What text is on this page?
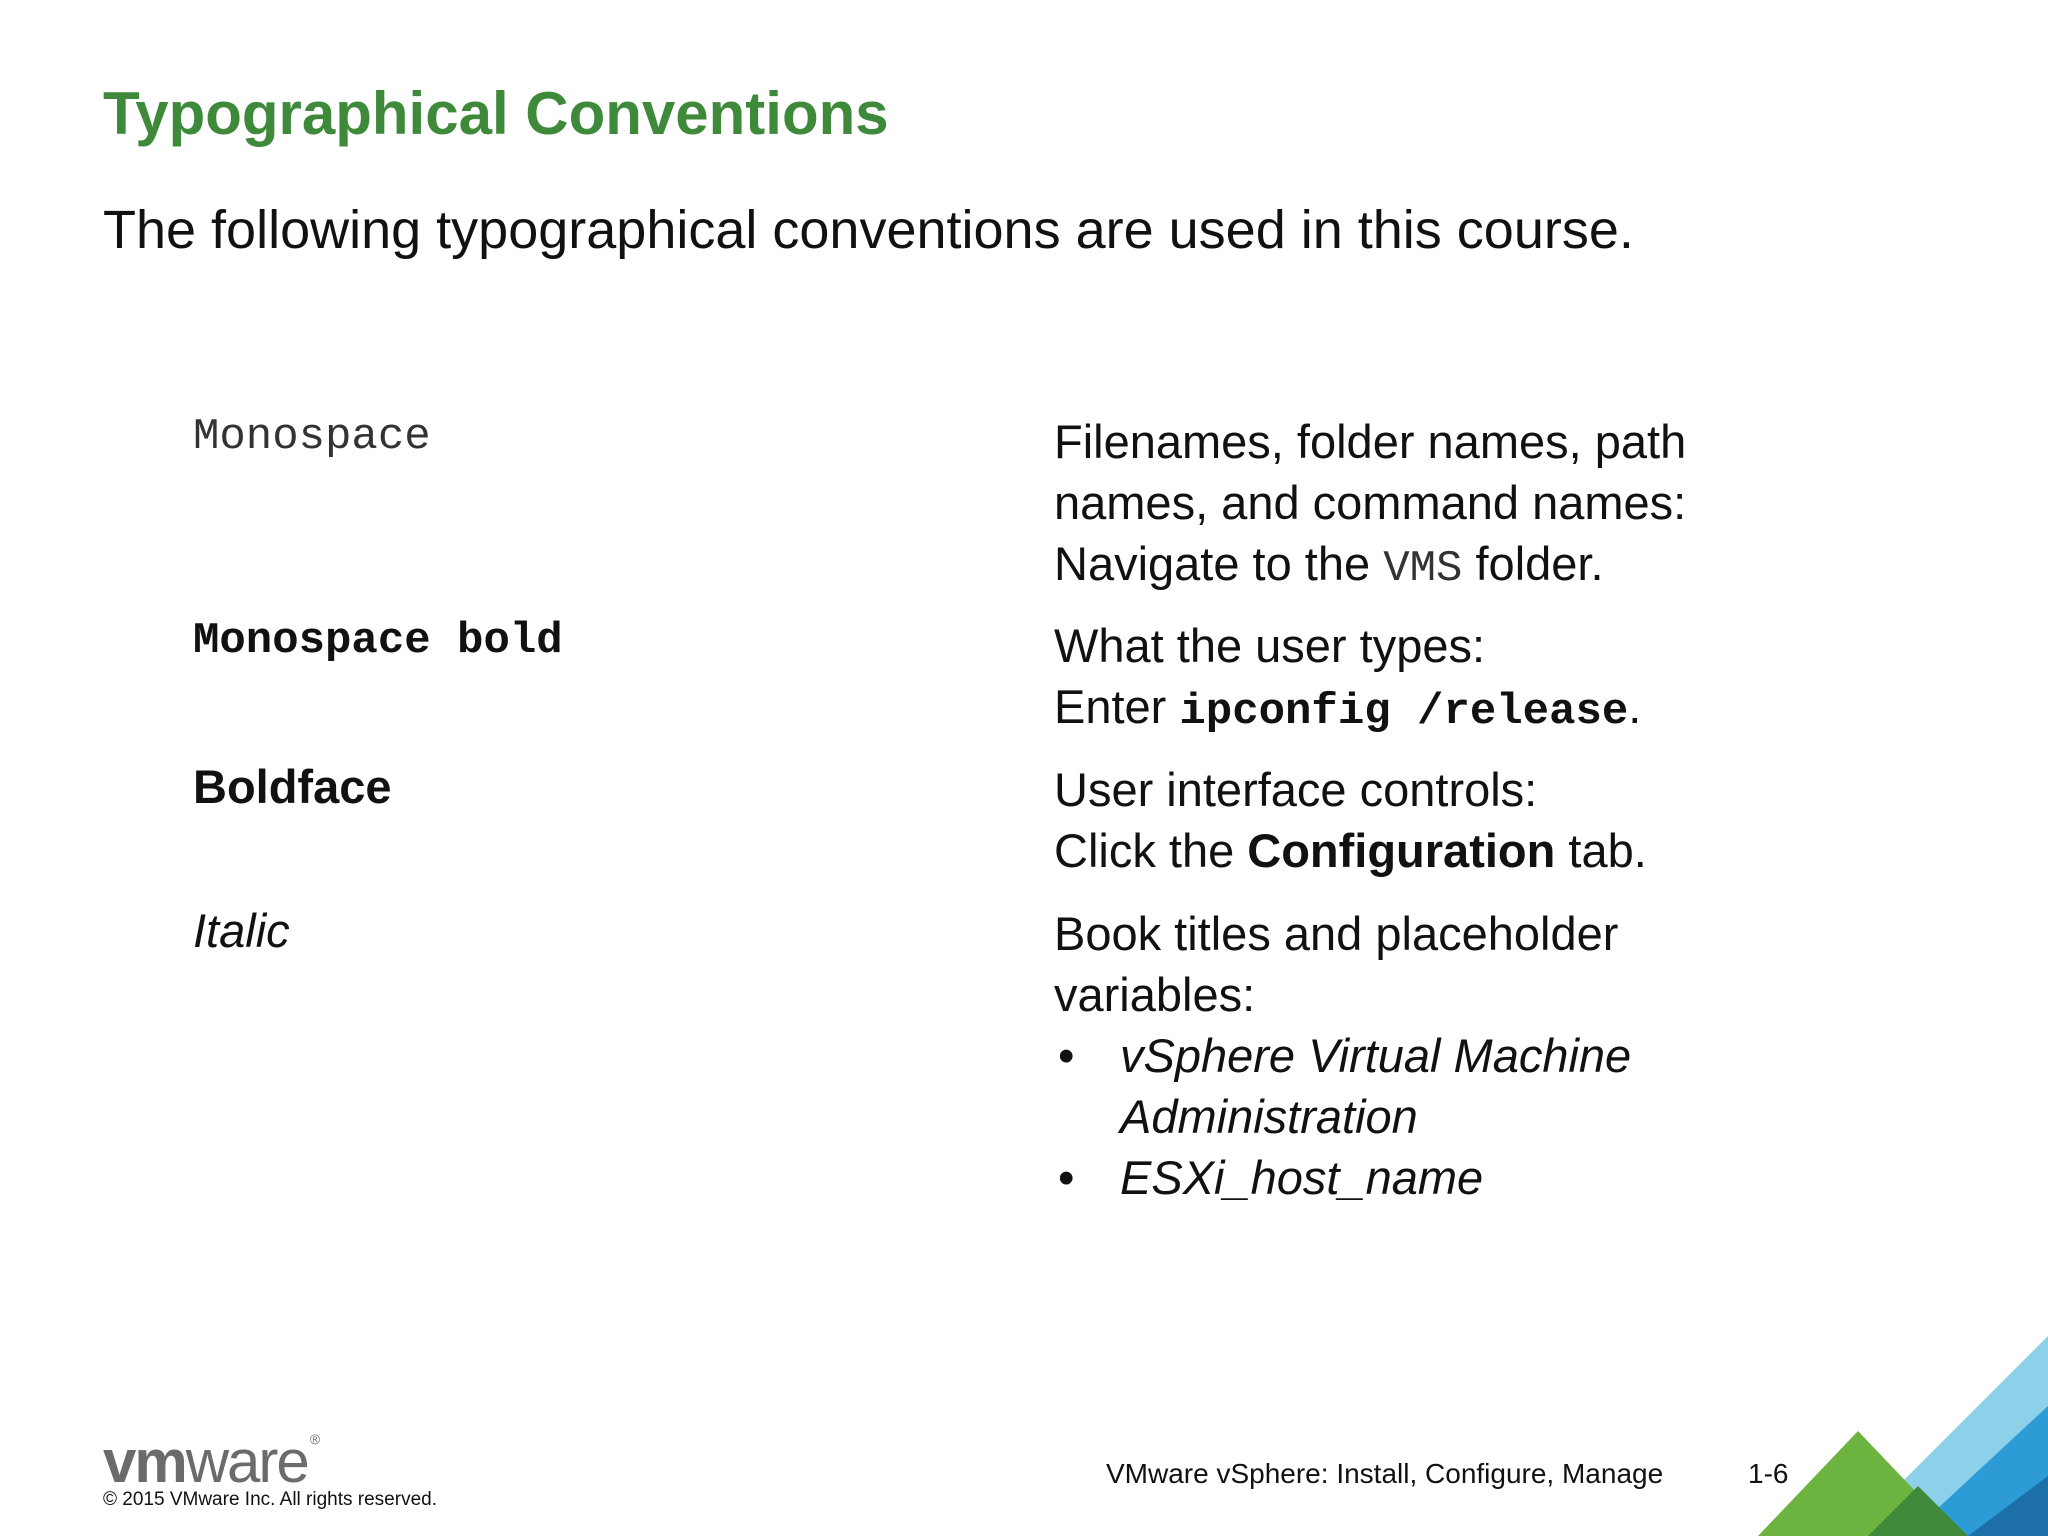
Typographical Conventions

The following typographical conventions are used in this course.

Monospace	Filenames, folder names, path
names, and command names:
Navigate to the VMS folder.
Monospace bold	What the user types:
Enter ipconfig /release.
Boldface	User interface controls:
Click the Configuration tab.
Italic	Book titles and placeholder
variables:
• vSphere Virtual Machine
Administration
• ESXi_host_name
vmware ®
© 2015 VMware Inc. All rights reserved.
VMware vSphere: Install, Configure, Manage	1-6
